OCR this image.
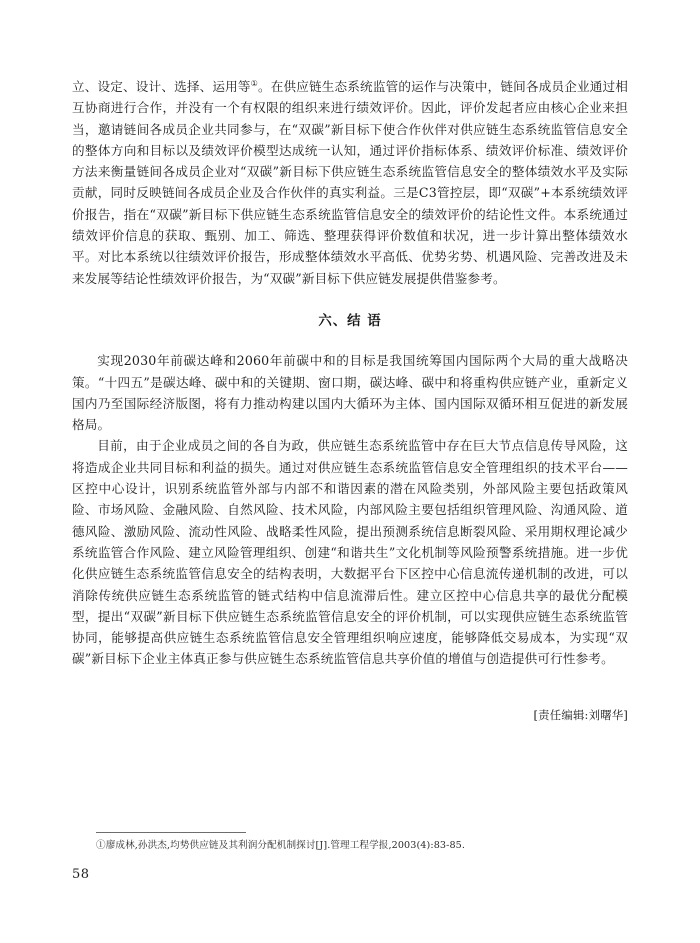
立、设定、设计、选择、运用等①。在供应链生态系统监管的运作与决策中，链间各成员企业通过相互协商进行合作，并没有一个有权限的组织来进行绩效评价。因此，评价发起者应由核心企业来担当，邀请链间各成员企业共同参与，在“双碳”新目标下使合作伙伴对供应链生态系统监管信息安全的整体方向和目标以及绩效评价模型达成统一认知，通过评价指标体系、绩效评价标准、绩效评价方法来衡量链间各成员企业对“双碳”新目标下供应链生态系统监管信息安全的整体绩效水平及实际贡献，同时反映链间各成员企业及合作伙伴的真实利益。三是C3管控层，即“双碳”+本系统绩效评价报告，指在“双碳”新目标下供应链生态系统监管信息安全的绩效评价的结论性文件。本系统通过绩效评价信息的获取、甄别、加工、筛选、整理获得评价数值和状况，进一步计算出整体绩效水平。对比本系统以往绩效评价报告，形成整体绩效水平高低、优势劣势、机遇风险、完善改进及未来发展等结论性绩效评价报告，为“双碳”新目标下供应链发展提供借鉴参考。

六、结 语

实现2030年前碳达峰和2060年前碳中和的目标是我国统筹国内国际两个大局的重大战略决策。“十四五”是碳达峰、碳中和的关键期、窗口期，碳达峰、碳中和将重构供应链产业，重新定义国内乃至国际经济版图，将有力推动构建以国内大循环为主体、国内国际双循环相互促进的新发展格局。

目前，由于企业成员之间的各自为政，供应链生态系统监管中存在巨大节点信息传导风险，这将造成企业共同目标和利益的损失。通过对供应链生态系统监管信息安全管理组织的技术平台——区控中心设计，识别系统监管外部与内部不和谐因素的潜在风险类别，外部风险主要包括政策风险、市场风险、金融风险、自然风险、技术风险，内部风险主要包括组织管理风险、沟通风险、道德风险、激励风险、流动性风险、战略柔性风险，提出预测系统信息断裂风险、采用期权理论减少系统监管合作风险、建立风险管理组织、创建“和谐共生”文化机制等风险预警系统措施。进一步优化供应链生态系统监管信息安全的结构表明，大数据平台下区控中心信息流传递机制的改进，可以消除传统供应链生态系统监管的链式结构中信息流滞后性。建立区控中心信息共享的最优分配模型，提出“双碳”新目标下供应链生态系统监管信息安全的评价机制，可以实现供应链生态系统监管协同，能够提高供应链生态系统监管信息安全管理组织响应速度，能够降低交易成本，为实现“双碳”新目标下企业主体真正参与供应链生态系统监管信息共享价值的增值与创造提供可行性参考。

[责任编辑:刘曙华]

①廖成林,孙洪杰,均势供应链及其利润分配机制探讨[J].管理工程学报,2003(4):83-85.

58
